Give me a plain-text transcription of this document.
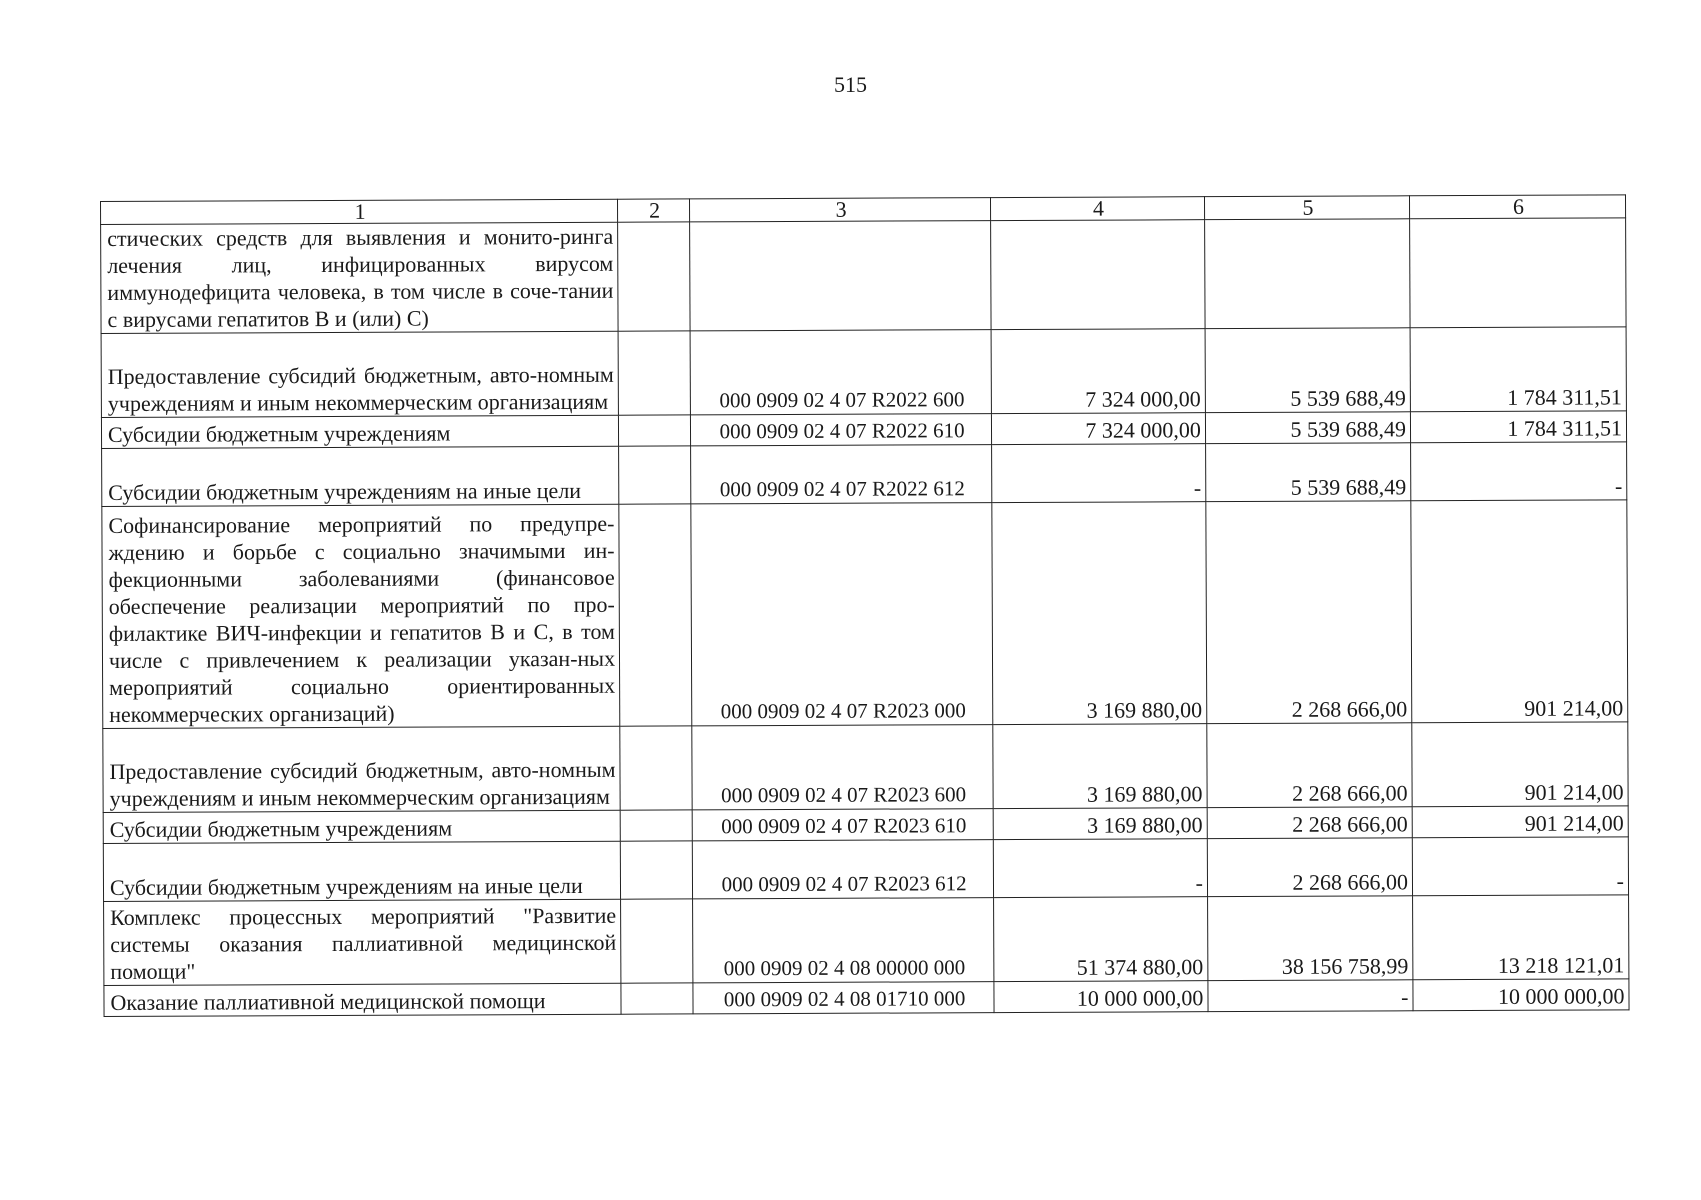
515
1	2	3	4	5	6
стических средств для выявления и монито-ринга лечения лиц, инфицированных вирусом иммунодефицита человека, в том числе в соче-тании с вирусами гепатитов В и (или) С)					
Предоставление субсидий бюджетным, авто-номным учреждениям и иным некоммерческим организациям		000 0909 02 4 07 R2022 600	7 324 000,00	5 539 688,49	1 784 311,51
Субсидии бюджетным учреждениям		000 0909 02 4 07 R2022 610	7 324 000,00	5 539 688,49	1 784 311,51
Субсидии бюджетным учреждениям на иные цели		000 0909 02 4 07 R2022 612	-	5 539 688,49	-
Софинансирование мероприятий по предупре-ждению и борьбе с социально значимыми ин-фекционными заболеваниями (финансовое обеспечение реализации мероприятий по про-филактике ВИЧ-инфекции и гепатитов В и С, в том числе с привлечением к реализации указан-ных мероприятий социально ориентированных некоммерческих организаций)		000 0909 02 4 07 R2023 000	3 169 880,00	2 268 666,00	901 214,00
Предоставление субсидий бюджетным, авто-номным учреждениям и иным некоммерческим организациям		000 0909 02 4 07 R2023 600	3 169 880,00	2 268 666,00	901 214,00
Субсидии бюджетным учреждениям		000 0909 02 4 07 R2023 610	3 169 880,00	2 268 666,00	901 214,00
Субсидии бюджетным учреждениям на иные цели		000 0909 02 4 07 R2023 612	-	2 268 666,00	-
Комплекс процессных мероприятий "Развитие системы оказания паллиативной медицинской помощи"		000 0909 02 4 08 00000 000	51 374 880,00	38 156 758,99	13 218 121,01
Оказание паллиативной медицинской помощи		000 0909 02 4 08 01710 000	10 000 000,00	-	10 000 000,00
